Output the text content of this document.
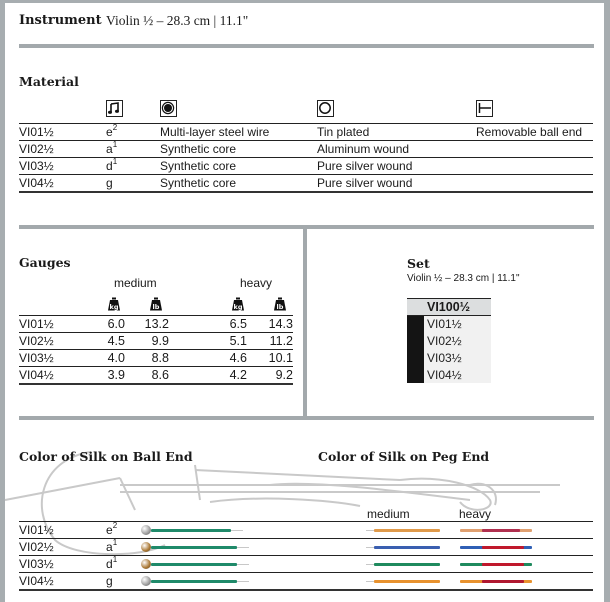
Instrument Violin ½ – 28.3 cm | 11.1"
Material
VI01½	$e^2$	Multi-layer steel wire	Tin plated	Removable ball end
VI02½	$a^1$	Synthetic core	Aluminum wound
VI03½	$d^1$	Synthetic core	Pure silver wound
VI04½	g	Synthetic core	Pure silver wound
Gauges
medium	heavy
kg	lb	kg	lb
VI01½	6.0	13.2	6.5	14.3
VI02½	4.5	9.9	5.1	11.2
VI03½	4.0	8.8	4.6	10.1
VI04½	3.9	8.6	4.2	9.2
Set
Violin ½ – 28.3 cm | 11.1"
VI100½
VI01½
VI02½
VI03½
VI04½
Color of Silk on Ball End	Color of Silk on Peg End
medium	heavy
VI01½	$e^2$
VI02½	$a^1$
VI03½	$d^1$
VI04½	g
